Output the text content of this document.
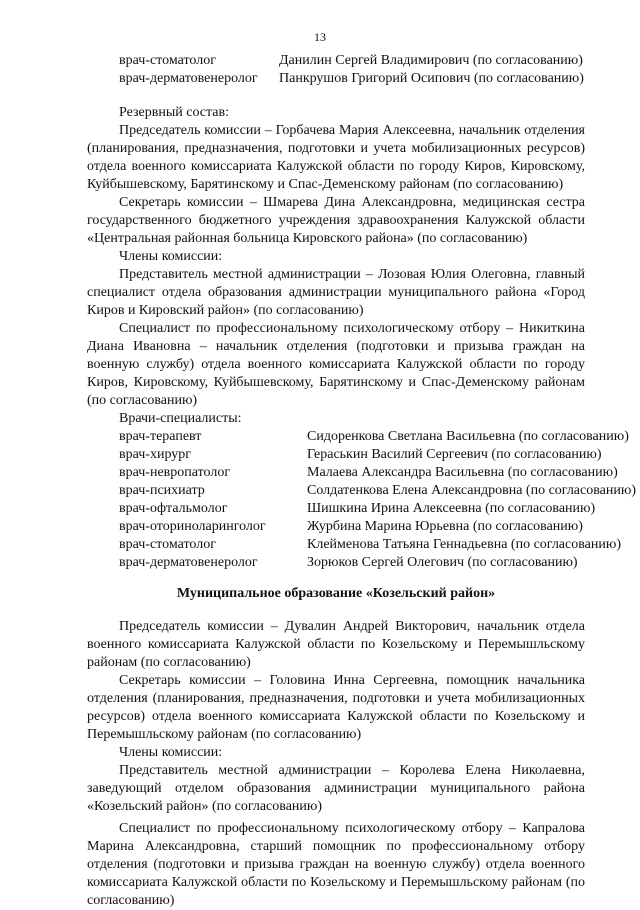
13
врач-стоматолог	Данилин Сергей Владимирович (по согласованию)
врач-дерматовенеролог	Панкрушов Григорий Осипович (по согласованию)
Резервный состав:

Председатель комиссии – Горбачева Мария Алексеевна, начальник отделения (планирования, предназначения, подготовки и учета мобилизационных ресурсов) отдела военного комиссариата Калужской области по городу Киров, Кировскому, Куйбышевскому, Барятинскому и Спас-Деменскому районам (по согласованию)

Секретарь комиссии – Шмарева Дина Александровна, медицинская сестра государственного бюджетного учреждения здравоохранения Калужской области «Центральная районная больница Кировского района» (по согласованию)

Члены комиссии:

Представитель местной администрации – Лозовая Юлия Олеговна, главный специалист отдела образования администрации муниципального района «Город Киров и Кировский район» (по согласованию)

Специалист по профессиональному психологическому отбору – Никиткина Диана Ивановна – начальник отделения (подготовки и призыва граждан на военную службу) отдела военного комиссариата Калужской области по городу Киров, Кировскому, Куйбышевскому, Барятинскому и Спас-Деменскому районам (по согласованию)

Врачи-специалисты:
врач-терапевт	Сидоренкова Светлана Васильевна (по согласованию)
врач-хирург	Гераськин Василий Сергеевич (по согласованию)
врач-невропатолог	Малаева Александра Васильевна (по согласованию)
врач-психиатр	Солдатенкова Елена Александровна (по согласованию)
врач-офтальмолог	Шишкина Ирина Алексеевна (по согласованию)
врач-оториноларинголог	Журбина Марина Юрьевна (по согласованию)
врач-стоматолог	Клейменова Татьяна Геннадьевна (по согласованию)
врач-дерматовенеролог	Зорюков Сергей Олегович (по согласованию)
Муниципальное образование «Козельский район»

Председатель комиссии – Дувалин Андрей Викторович, начальник отдела военного комиссариата Калужской области по Козельскому и Перемышльскому районам (по согласованию)

Секретарь комиссии – Головина Инна Сергеевна, помощник начальника отделения (планирования, предназначения, подготовки и учета мобилизационных ресурсов) отдела военного комиссариата Калужской области по Козельскому и Перемышльскому районам (по согласованию)

Члены комиссии:

Представитель местной администрации – Королева Елена Николаевна, заведующий отделом образования администрации муниципального района «Козельский район» (по согласованию)

Специалист по профессиональному психологическому отбору – Капралова Марина Александровна, старший помощник по профессиональному отбору отделения (подготовки и призыва граждан на военную службу) отдела военного комиссариата Калужской области по Козельскому и Перемышльскому районам (по согласованию)
